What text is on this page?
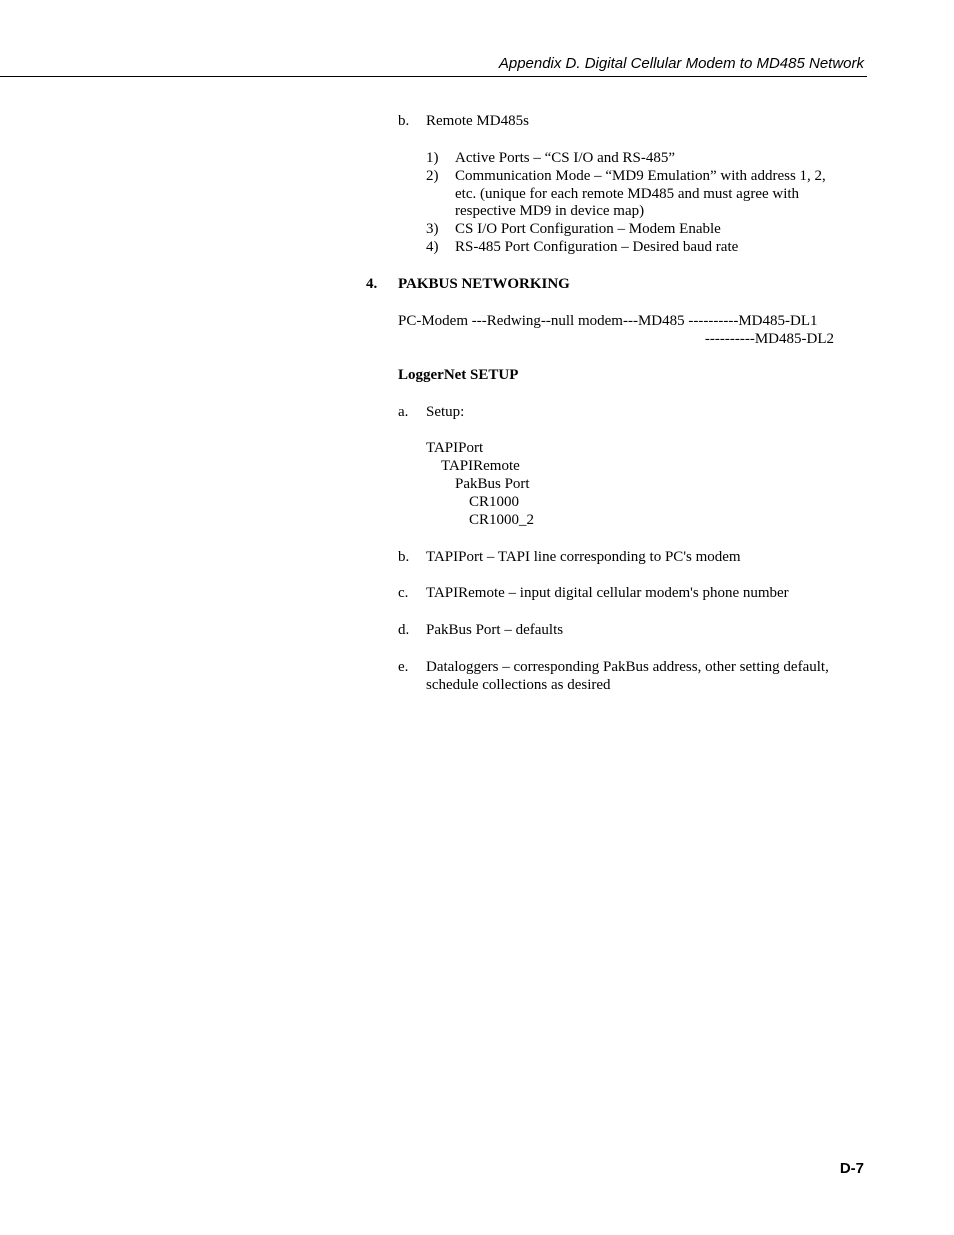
Appendix D. Digital Cellular Modem to MD485 Network
b. Remote MD485s
1) Active Ports – “CS I/O and RS-485”
2) Communication Mode – “MD9 Emulation” with address 1, 2,
etc. (unique for each remote MD485 and must agree with
respective MD9 in device map)
3) CS I/O Port Configuration – Modem Enable
4) RS-485 Port Configuration – Desired baud rate
4. PAKBUS NETWORKING
PC-Modem ---Redwing--null modem---MD485 ----------MD485-DL1
----------MD485-DL2
LoggerNet SETUP
a. Setup:
TAPIPort
TAPIRemote
PakBus Port
CR1000
CR1000_2
b. TAPIPort – TAPI line corresponding to PC's modem
c. TAPIRemote – input digital cellular modem's phone number
d. PakBus Port – defaults
e. Dataloggers – corresponding PakBus address, other setting default,
schedule collections as desired
D-7
